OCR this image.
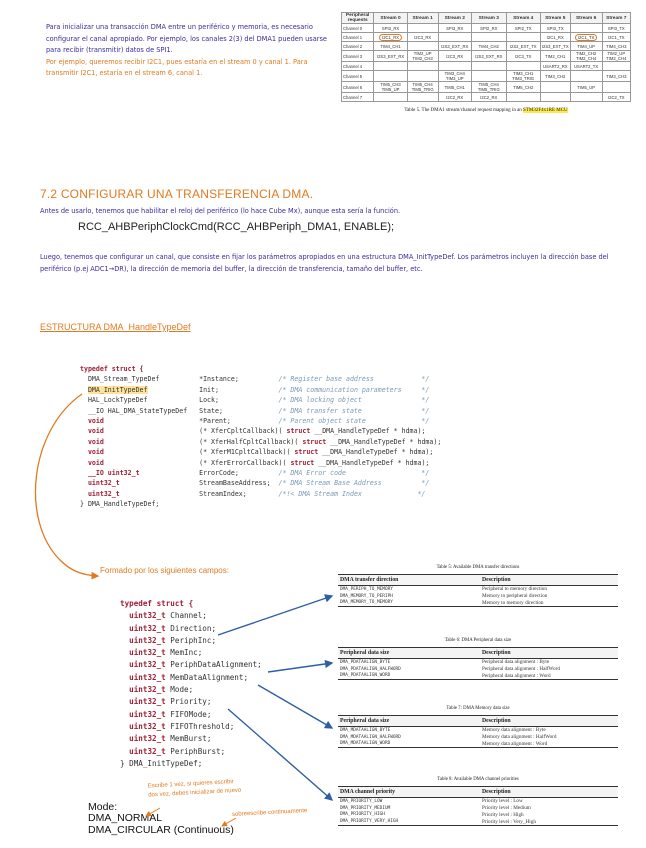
Para inicializar una transacción DMA entre un periférico y memoria, es necesario configurar el canal apropiado. Por ejemplo, los canales 2(3) del DMA1 pueden usarse para recibir (transmitir) datos de SPI1.

Por ejemplo, queremos recibir I2C1, pues estaría en el stream 0 y canal 1. Para transmitir I2C1, estaría en el stream 6, canal 1.

Peripheral requests	Stream 0	Stream 1	Stream 2	Stream 3	Stream 4	Stream 5	Stream 6	Stream 7
Channel 0	SPI3_RX		SPI3_RX	SPI2_RX	SPI2_TX	SPI3_TX		SPI3_TX
Channel 1	I2C1_RX	I2C3_RX				I2C1_RX	I2C1_TX	I2C1_TX
Channel 2	TIM4_CH1		I2S3_EXT_RX	TIM4_CH2	I2S2_EXT_TX	I2S3_EXT_TX	TIM4_UP	TIM4_CH3
Channel 3	I2S3_EXT_RX	TIM2_UP TIM2_CH3	I2C3_RX	I2S2_EXT_RX	I2C3_TX	TIM2_CH1	TIM2_CH2 TIM2_CH4	TIM2_UP TIM2_CH4
Channel 4						USART2_RX	USART2_TX	
Channel 5			TIM3_CH4 TIM3_UP		TIM3_CH1 TIM3_TRIG	TIM3_CH2		TIM3_CH3
Channel 6	TIM5_CH3 TIM5_UP	TIM5_CH4 TIM5_TRIG	TIM5_CH1	TIM5_CH4 TIM5_TRIG	TIM5_CH2		TIM5_UP	
Channel 7			I2C2_RX	I2C2_RX				I2C2_TX
Table 5. The DMA1 stream/channel request mapping in an STM32F4x1RE MCU
7.2 CONFIGURAR UNA TRANSFERENCIA DMA.

Antes de usarlo, tenemos que habilitar el reloj del periférico (lo hace Cube Mx), aunque esta sería la función.

RCC_AHBPeriphClockCmd(RCC_AHBPeriph_DMA1, ENABLE);

Luego, tenemos que configurar un canal, que consiste en fijar los parámetros apropiados en una estructura DMA_InitTypeDef. Los parámetros incluyen la dirección base del periférico (p.ej ADC1→DR), la dirección de memoria del buffer, la dirección de transferencia, tamaño del buffer, etc.

ESTRUCTURA DMA_HandleTypeDef
typedef struct {
DMA_Stream_TypeDef          *Instance;	/* Register base address            */
DMA_InitTypeDef             Init;               /* DMA communication parameters     */
HAL_LockTypeDef             Lock;	/* DMA locking object               */
__IO HAL_DMA_StateTypeDef   State;	/* DMA transfer state               */
void                        *Parent;            /* Parent object state              */
void                        (* XferCpltCallback)( struct __DMA_HandleTypeDef * hdma);
void                        (* XferHalfCpltCallback)( struct __DMA_HandleTypeDef * hdma);
void                        (* XferM1CpltCallback)( struct __DMA_HandleTypeDef * hdma);
void                        (* XferErrorCallback)( struct __DMA_HandleTypeDef * hdma);
__IO uint32_t               ErrorCode;          /* DMA Error code                   */
uint32_t                    StreamBaseAddress;  /* DMA Stream Base Address          */
uint32_t                    StreamIndex;        /*!< DMA Stream Index              */
} DMA_HandleTypeDef;
Formado por los siguientes campos:
typedef struct {
uint32_t Channel;
uint32_t Direction;
uint32_t PeriphInc;
uint32_t MemInc;
uint32_t PeriphDataAlignment;
uint32_t MemDataAlignment;
uint32_t Mode;
uint32_t Priority;
uint32_t FIFOMode;
uint32_t FIFOThreshold;
uint32_t MemBurst;
uint32_t PeriphBurst;
} DMA_InitTypeDef;
Table 5: Available DMA transfer directions
DMA transfer direction	Description
DMA_PERIPH_TO_MEMORY	Peripheral to memory direction
DMA_MEMORY_TO_PERIPH	Memory to peripheral direction
DMA_MEMORY_TO_MEMORY	Memory to memory direction
Table 6: DMA Peripheral data size
Peripheral data size	Description
DMA_PDATAALIGN_BYTE	Peripheral data alignment : Byte
DMA_PDATAALIGN_HALFWORD	Peripheral data alignment : HalfWord
DMA_PDATAALIGN_WORD	Peripheral data alignment : Word
Table 7: DMA Memory data size
Peripheral data size	Description
DMA_MDATAALIGN_BYTE	Memory data alignment : Byte
DMA_MDATAALIGN_HALFWORD	Memory data alignment : HalfWord
DMA_MDATAALIGN_WORD	Memory data alignment : Word
Table 8: Available DMA channel priorities
DMA channel priority	Description
DMA_PRIORITY_LOW	Priority level : Low
DMA_PRIORITY_MEDIUM	Priority level : Medium
DMA_PRIORITY_HIGH	Priority level : High
DMA_PRIORITY_VERY_HIGH	Priority level : Very_High
Escribe 1 vez, si quieres escribir dos vez, debes inicializar de nuevo
sobreescribe continuamente
Mode:
DMA_NORMAL
DMA_CIRCULAR (Continuous)
